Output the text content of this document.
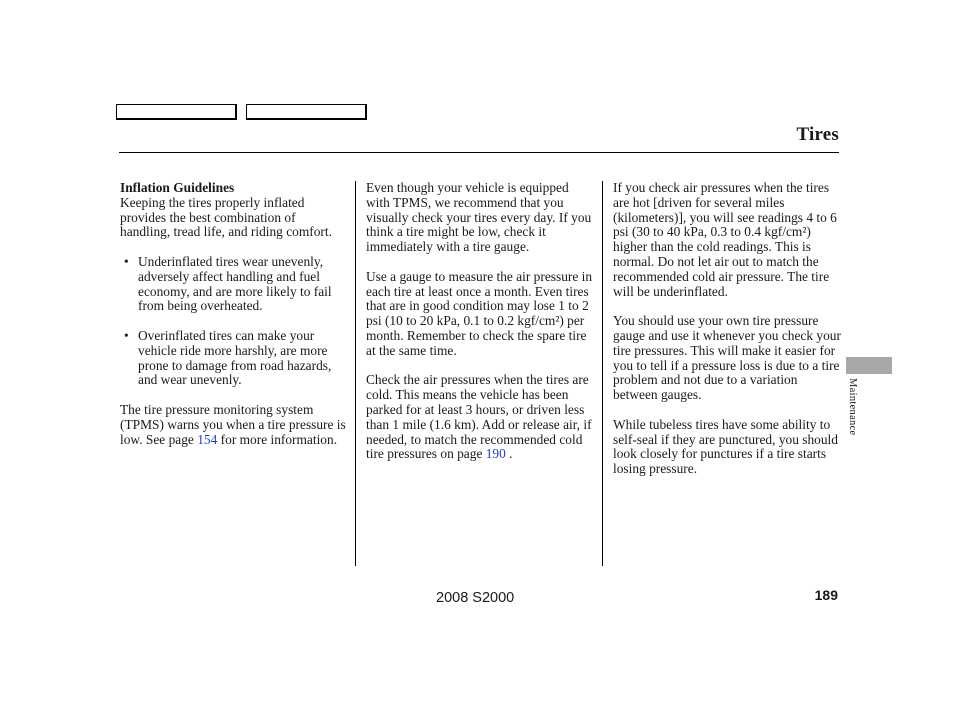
Tires

Inflation Guidelines
Keeping the tires properly inflated provides the best combination of handling, tread life, and riding comfort.

• Underinflated tires wear unevenly, adversely affect handling and fuel economy, and are more likely to fail from being overheated.
• Overinflated tires can make your vehicle ride more harshly, are more prone to damage from road hazards, and wear unevenly.

The tire pressure monitoring system (TPMS) warns you when a tire pressure is low. See page 154 for more information.

Even though your vehicle is equipped with TPMS, we recommend that you visually check your tires every day. If you think a tire might be low, check it immediately with a tire gauge.

Use a gauge to measure the air pressure in each tire at least once a month. Even tires that are in good condition may lose 1 to 2 psi (10 to 20 kPa, 0.1 to 0.2 kgf/cm²) per month. Remember to check the spare tire at the same time.

Check the air pressures when the tires are cold. This means the vehicle has been parked for at least 3 hours, or driven less than 1 mile (1.6 km). Add or release air, if needed, to match the recommended cold tire pressures on page 190 .

If you check air pressures when the tires are hot [driven for several miles (kilometers)], you will see readings 4 to 6 psi (30 to 40 kPa, 0.3 to 0.4 kgf/cm²) higher than the cold readings. This is normal. Do not let air out to match the recommended cold air pressure. The tire will be underinflated.

You should use your own tire pressure gauge and use it whenever you check your tire pressures. This will make it easier for you to tell if a pressure loss is due to a tire problem and not due to a variation between gauges.

While tubeless tires have some ability to self-seal if they are punctured, you should look closely for punctures if a tire starts losing pressure.

Maintenance
2008 S2000	189
